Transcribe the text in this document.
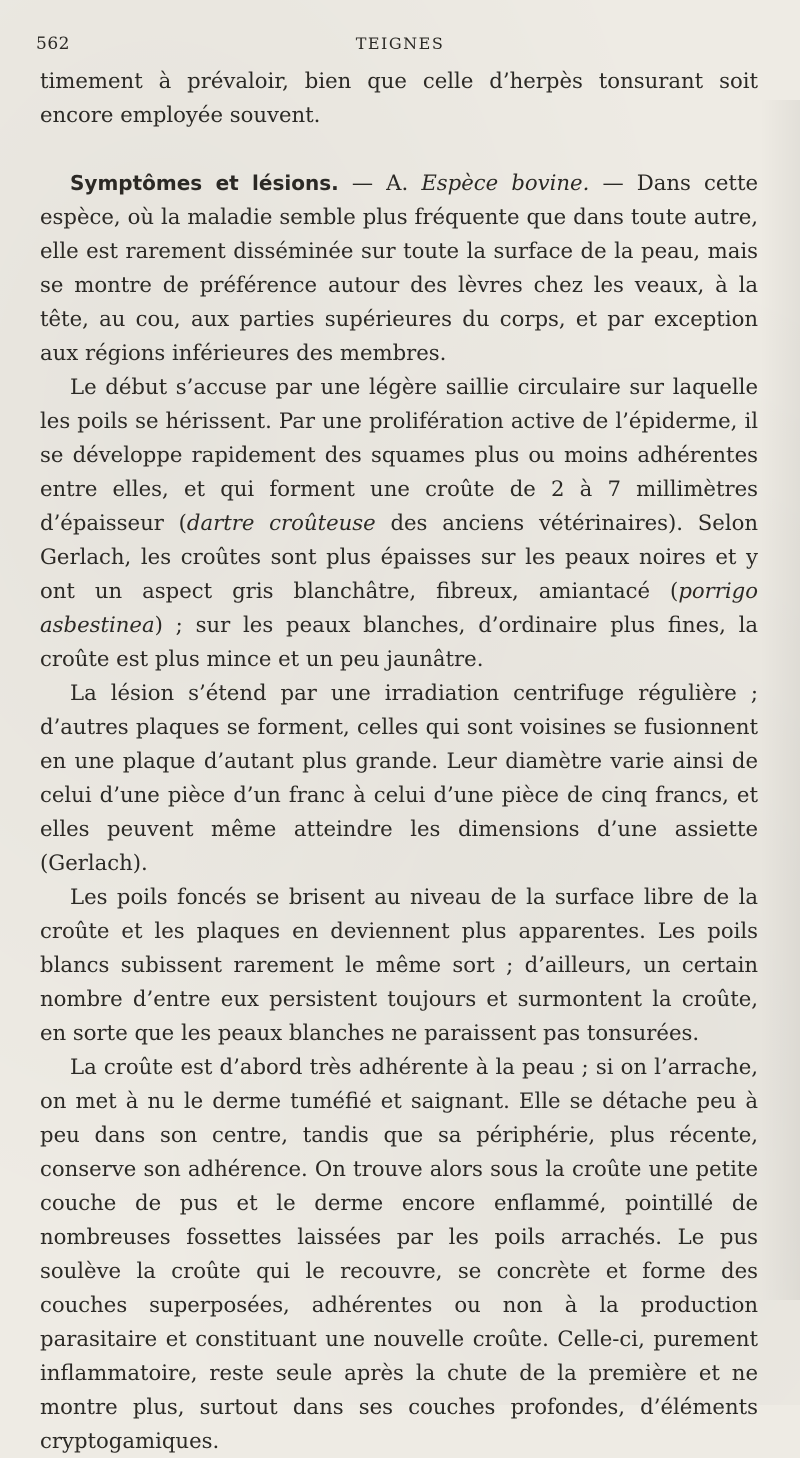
562	TEIGNES

timement à prévaloir, bien que celle d’herpès tonsurant soit encore employée souvent.

Symptômes et lésions. — A. Espèce bovine. — Dans cette espèce, où la maladie semble plus fréquente que dans toute autre, elle est rarement disséminée sur toute la surface de la peau, mais se montre de préférence autour des lèvres chez les veaux, à la tête, au cou, aux parties supérieures du corps, et par exception aux régions inférieures des membres.

Le début s’accuse par une légère saillie circulaire sur laquelle les poils se hérissent. Par une prolifération active de l’épiderme, il se développe rapidement des squames plus ou moins adhérentes entre elles, et qui forment une croûte de 2 à 7 millimètres d’épaisseur (dartre croûteuse des anciens vétérinaires). Selon Gerlach, les croûtes sont plus épaisses sur les peaux noires et y ont un aspect gris blanchâtre, fibreux, amiantacé (porrigo asbestinea) ; sur les peaux blanches, d’ordinaire plus fines, la croûte est plus mince et un peu jaunâtre.

La lésion s’étend par une irradiation centrifuge régulière ; d’autres plaques se forment, celles qui sont voisines se fusionnent en une plaque d’autant plus grande. Leur diamètre varie ainsi de celui d’une pièce d’un franc à celui d’une pièce de cinq francs, et elles peuvent même atteindre les dimensions d’une assiette (Gerlach).

Les poils foncés se brisent au niveau de la surface libre de la croûte et les plaques en deviennent plus apparentes. Les poils blancs subissent rarement le même sort ; d’ailleurs, un certain nombre d’entre eux persistent toujours et surmontent la croûte, en sorte que les peaux blanches ne paraissent pas tonsurées.

La croûte est d’abord très adhérente à la peau ; si on l’arrache, on met à nu le derme tuméfié et saignant. Elle se détache peu à peu dans son centre, tandis que sa périphérie, plus récente, conserve son adhérence. On trouve alors sous la croûte une petite couche de pus et le derme encore enflammé, pointillé de nombreuses fossettes laissées par les poils arrachés. Le pus soulève la croûte qui le recouvre, se concrète et forme des couches superposées, adhérentes ou non à la production parasitaire et constituant une nouvelle croûte. Celle-ci, purement inflammatoire, reste seule après la chute de la première et ne montre plus, surtout dans ses couches profondes, d’éléments cryptogamiques.
